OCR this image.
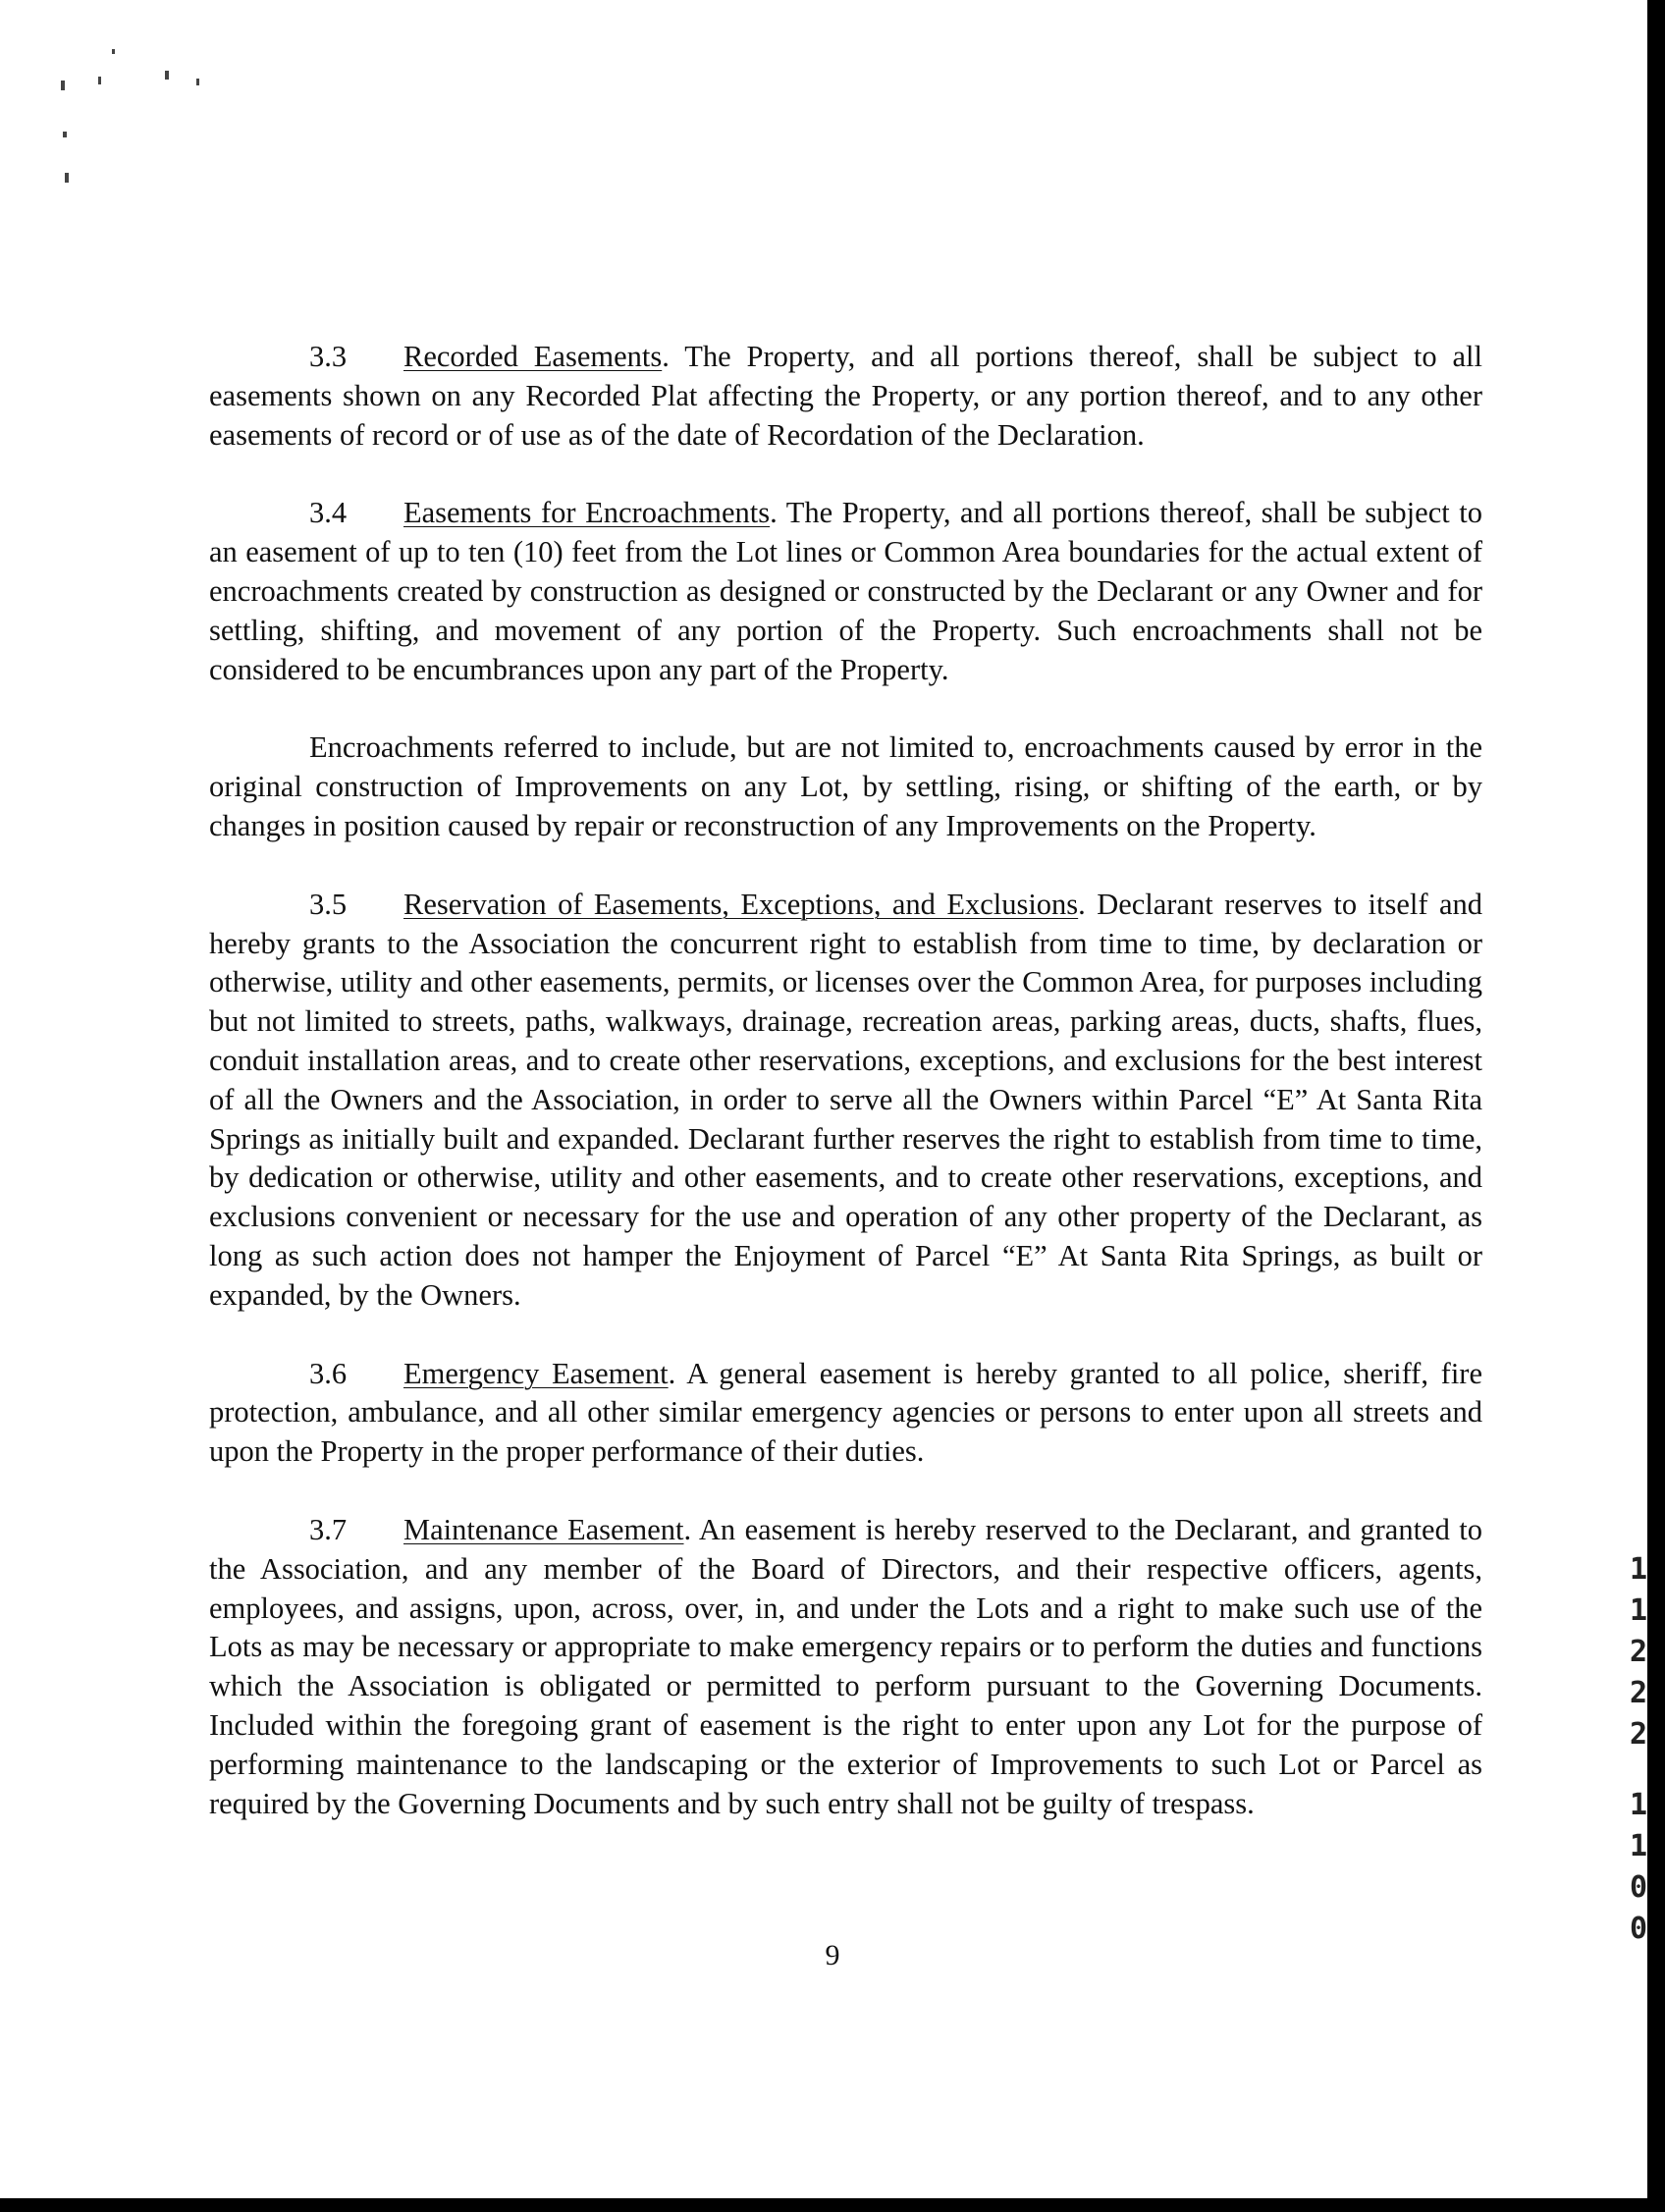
3.3 Recorded Easements. The Property, and all portions thereof, shall be subject to all easements shown on any Recorded Plat affecting the Property, or any portion thereof, and to any other easements of record or of use as of the date of Recordation of the Declaration.

3.4 Easements for Encroachments. The Property, and all portions thereof, shall be subject to an easement of up to ten (10) feet from the Lot lines or Common Area boundaries for the actual extent of encroachments created by construction as designed or constructed by the Declarant or any Owner and for settling, shifting, and movement of any portion of the Property. Such encroachments shall not be considered to be encumbrances upon any part of the Property.

Encroachments referred to include, but are not limited to, encroachments caused by error in the original construction of Improvements on any Lot, by settling, rising, or shifting of the earth, or by changes in position caused by repair or reconstruction of any Improvements on the Property.

3.5 Reservation of Easements, Exceptions, and Exclusions. Declarant reserves to itself and hereby grants to the Association the concurrent right to establish from time to time, by declaration or otherwise, utility and other easements, permits, or licenses over the Common Area, for purposes including but not limited to streets, paths, walkways, drainage, recreation areas, parking areas, ducts, shafts, flues, conduit installation areas, and to create other reservations, exceptions, and exclusions for the best interest of all the Owners and the Association, in order to serve all the Owners within Parcel “E” At Santa Rita Springs as initially built and expanded. Declarant further reserves the right to establish from time to time, by dedication or otherwise, utility and other easements, and to create other reservations, exceptions, and exclusions convenient or necessary for the use and operation of any other property of the Declarant, as long as such action does not hamper the Enjoyment of Parcel “E” At Santa Rita Springs, as built or expanded, by the Owners.

3.6 Emergency Easement. A general easement is hereby granted to all police, sheriff, fire protection, ambulance, and all other similar emergency agencies or persons to enter upon all streets and upon the Property in the proper performance of their duties.

3.7 Maintenance Easement. An easement is hereby reserved to the Declarant, and granted to the Association, and any member of the Board of Directors, and their respective officers, agents, employees, and assigns, upon, across, over, in, and under the Lots and a right to make such use of the Lots as may be necessary or appropriate to make emergency repairs or to perform the duties and functions which the Association is obligated or permitted to perform pursuant to the Governing Documents. Included within the foregoing grant of easement is the right to enter upon any Lot for the purpose of performing maintenance to the landscaping or the exterior of Improvements to such Lot or Parcel as required by the Governing Documents and by such entry shall not be guilty of trespass.

9
1
1
2
2
2
1
1
0
0
